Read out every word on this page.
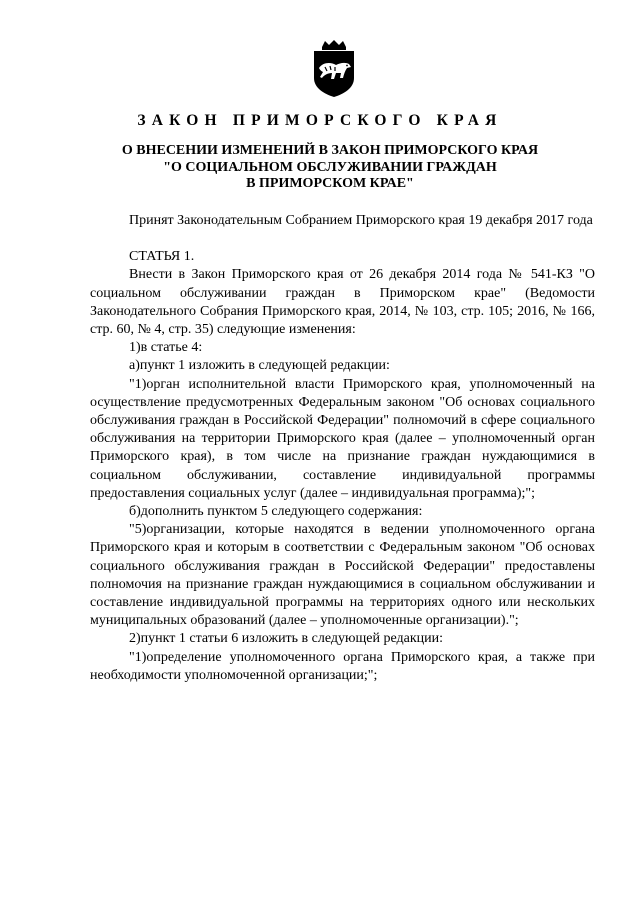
ЗАКОН ПРИМОРСКОГО КРАЯ
О ВНЕСЕНИИ ИЗМЕНЕНИЙ В ЗАКОН ПРИМОРСКОГО КРАЯ
"О СОЦИАЛЬНОМ ОБСЛУЖИВАНИИ ГРАЖДАН
В ПРИМОРСКОМ КРАЕ"

Принят Законодательным Собранием Приморского края 19 декабря 2017 года

СТАТЬЯ 1.

Внести в Закон Приморского края от 26 декабря 2014 года № 541-КЗ "О социальном обслуживании граждан в Приморском крае" (Ведомости Законодательного Собрания Приморского края, 2014, № 103, стр. 105; 2016, № 166, стр. 60, № 4, стр. 35) следующие изменения:

1)в статье 4:

а)пункт 1 изложить в следующей редакции:

"1)орган исполнительной власти Приморского края, уполномоченный на осуществление предусмотренных Федеральным законом "Об основах социального обслуживания граждан в Российской Федерации" полномочий в сфере социального обслуживания на территории Приморского края (далее – уполномоченный орган Приморского края), в том числе на признание граждан нуждающимися в социальном обслуживании, составление индивидуальной программы предоставления социальных услуг (далее – индивидуальная программа);";

б)дополнить пунктом 5 следующего содержания:

"5)организации, которые находятся в ведении уполномоченного органа Приморского края и которым в соответствии с Федеральным законом "Об основах социального обслуживания граждан в Российской Федерации" предоставлены полномочия на признание граждан нуждающимися в социальном обслуживании и составление индивидуальной программы на территориях одного или нескольких муниципальных образований (далее – уполномоченные организации).";

2)пункт 1 статьи 6 изложить в следующей редакции:

"1)определение уполномоченного органа Приморского края, а также при необходимости уполномоченной организации;";
